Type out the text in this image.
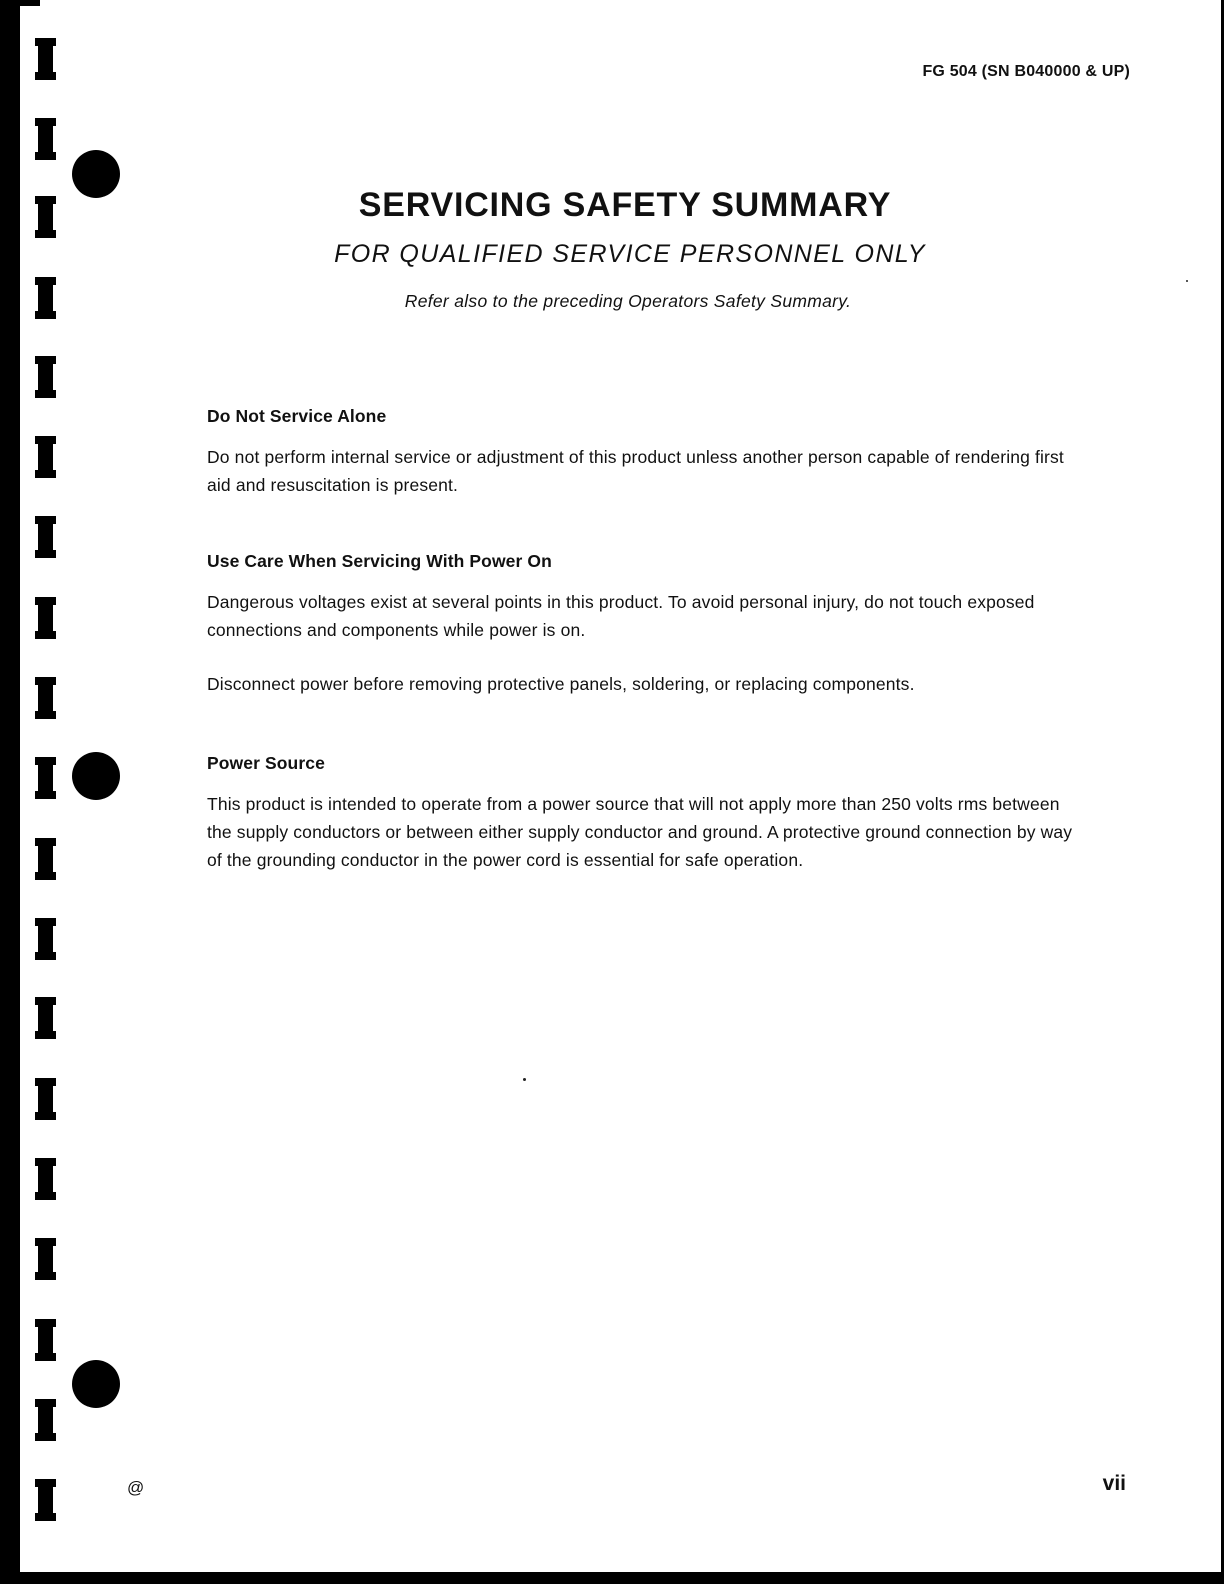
FG 504 (SN B040000 & UP)
SERVICING SAFETY SUMMARY
FOR QUALIFIED SERVICE PERSONNEL ONLY
Refer also to the preceding Operators Safety Summary.
Do Not Service Alone

Do not perform internal service or adjustment of this product unless another person capable of rendering first aid and resuscitation is present.

Use Care When Servicing With Power On

Dangerous voltages exist at several points in this product. To avoid personal injury, do not touch exposed connections and components while power is on.

Disconnect power before removing protective panels, soldering, or replacing components.

Power Source

This product is intended to operate from a power source that will not apply more than 250 volts rms between the supply conductors or between either supply conductor and ground. A protective ground connection by way of the grounding conductor in the power cord is essential for safe operation.

@	vii
